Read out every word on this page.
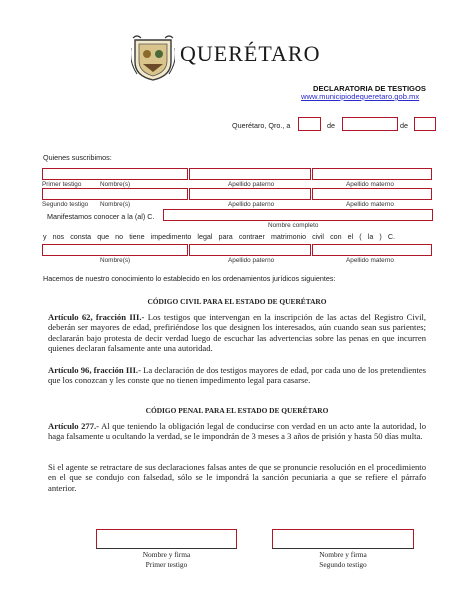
QUERÉTARO
DECLARATORIA DE TESTIGOS
www.municipiodequeretaro.gob.mx
Querétaro, Qro., a	de	de
Quienes suscribimos:
Primer testigo	Nombre(s)	Apellido paterno	Apellido materno
Segundo testigo Nombre(s)	Apellido paterno	Apellido materno
Manifestamos conocer a la (al) C.
Nombre completo
y nos consta que no tiene impedimento legal para contraer matrimonio civil con el ( la ) C.
Nombre(s)	Apellido paterno	Apellido materno
Hacemos de nuestro conocimiento lo establecido en los ordenamientos jurídicos siguientes:
CÓDIGO CIVIL PARA EL ESTADO DE QUERÉTARO
Artículo 62, fracción III.- Los testigos que intervengan en la inscripción de las actas del Registro Civil, deberán ser mayores de edad, prefiriéndose los que designen los interesados, aún cuando sean sus parientes; declararán bajo protesta de decir verdad luego de escuchar las advertencias sobre las penas en que incurren quienes declaran falsamente ante una autoridad.
Artículo 96, fracción III.- La declaración de dos testigos mayores de edad, por cada uno de los pretendientes que los conozcan y les conste que no tienen impedimento legal para casarse.
CÓDIGO PENAL PARA EL ESTADO DE QUERÉTARO
Artículo 277.- Al que teniendo la obligación legal de conducirse con verdad en un acto ante la autoridad, lo haga falsamente u ocultando la verdad, se le impondrán de 3 meses a 3 años de prisión y hasta 50 días multa.
Si el agente se retractare de sus declaraciones falsas antes de que se pronuncie resolución en el procedimiento en el que se condujo con falsedad, sólo se le impondrá la sanción pecuniaria a que se refiere el párrafo anterior.
Nombre y firma
Primer testigo
Nombre y firma
Segundo testigo
